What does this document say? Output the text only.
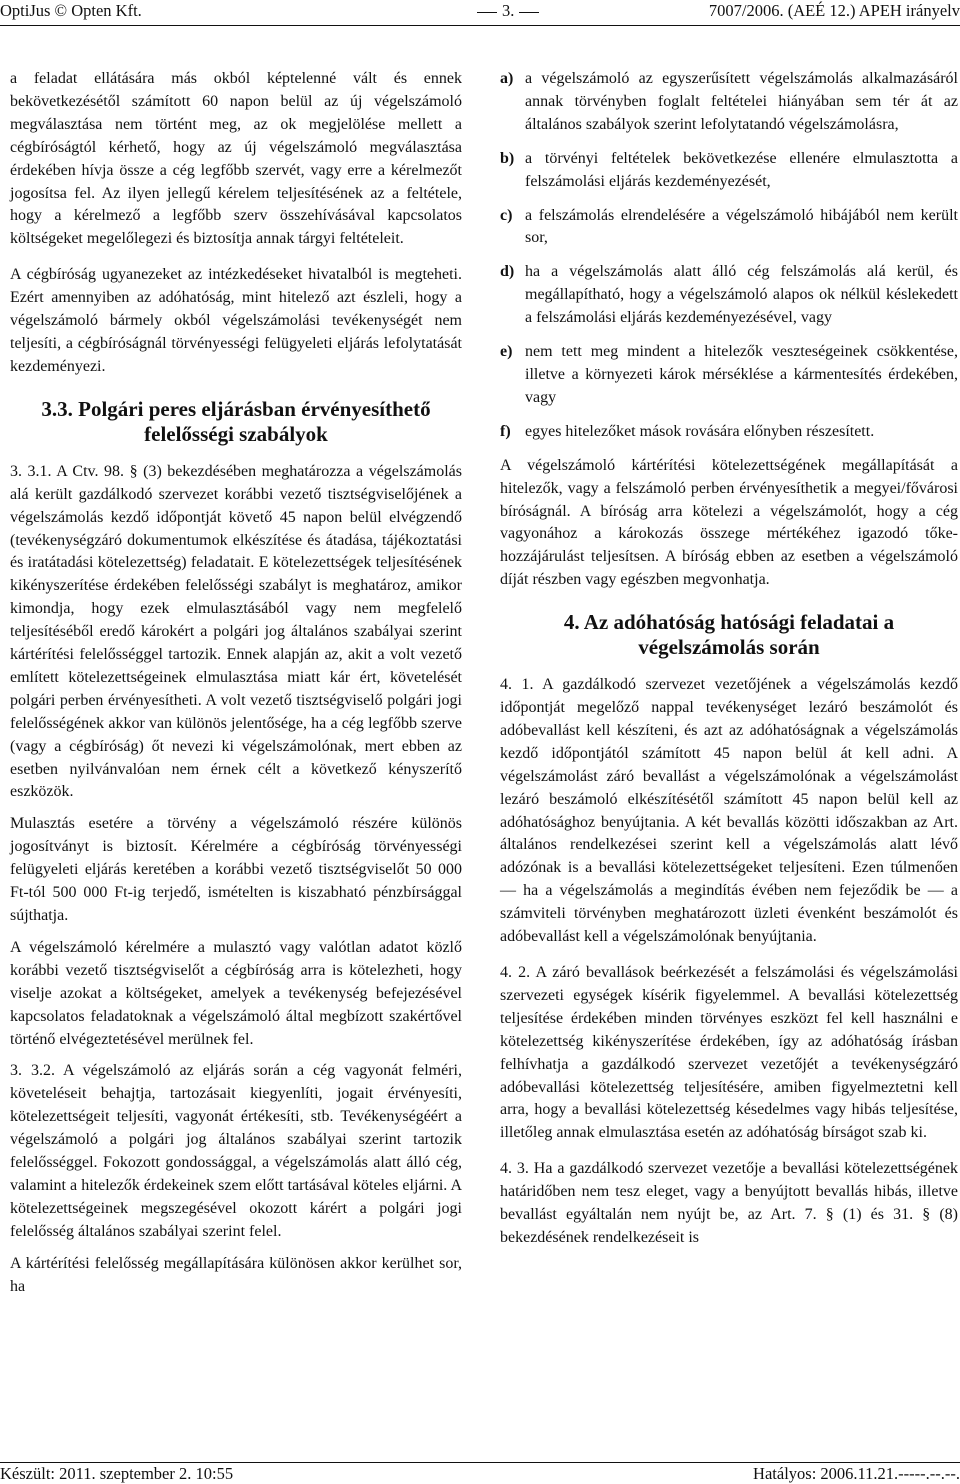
OptiJus © Opten Kft.	3.	7007/2006. (AEÉ 12.) APEH irányelv

a feladat ellátására más okból képtelenné vált és ennek bekövetkezésétől számított 60 napon belül az új végelszámoló megválasztása nem történt meg, az ok megjelölése mellett a cégbíróságtól kérhető, hogy az új végelszámoló megválasztása érdekében hívja össze a cég legfőbb szervét, vagy erre a kérelmezőt jogosítsa fel. Az ilyen jellegű kérelem teljesítésének az a feltétele, hogy a kérelmező a legfőbb szerv összehívásával kapcsolatos költségeket megelőlegezi és biztosítja annak tárgyi feltételeit.

A cégbíróság ugyanezeket az intézkedéseket hivatalból is megteheti. Ezért amennyiben az adóhatóság, mint hitelező azt észleli, hogy a végelszámoló bármely okból végelszámolási tevékenységét nem teljesíti, a cégbíróságnál törvényességi felügyeleti eljárás lefolytatását kezdeményezi.

3.3. Polgári peres eljárásban érvényesíthető
felelősségi szabályok

3. 3.1. A Ctv. 98. § (3) bekezdésében meghatározza a végelszámolás alá került gazdálkodó szervezet korábbi vezető tisztségviselőjének a végelszámolás kezdő időpontját követő 45 napon belül elvégzendő (tevékenységzáró dokumentumok elkészítése és átadása, tájékoztatási és iratátadási kötelezettség) feladatait. E kötelezettségek teljesítésének kikényszerítése érdekében felelősségi szabályt is meghatároz, amikor kimondja, hogy ezek elmulasztásából vagy nem megfelelő teljesítéséből eredő károkért a polgári jog általános szabályai szerint kártérítési felelősséggel tartozik. Ennek alapján az, akit a volt vezető említett kötelezettségeinek elmulasztása miatt kár ért, követelését polgári perben érvényesítheti. A volt vezető tisztségviselő polgári jogi felelősségének akkor van különös jelentősége, ha a cég legfőbb szerve (vagy a cégbíróság) őt nevezi ki végelszámolónak, mert ebben az esetben nyilvánvalóan nem érnek célt a következő kényszerítő eszközök.

Mulasztás esetére a törvény a végelszámoló részére különös jogosítványt is biztosít. Kérelmére a cégbíróság törvényességi felügyeleti eljárás keretében a korábbi vezető tisztségviselőt 50 000 Ft-tól 500 000 Ft-ig terjedő, ismételten is kiszabható pénzbírsággal sújthatja.

A végelszámoló kérelmére a mulasztó vagy valótlan adatot közlő korábbi vezető tisztségviselőt a cégbíróság arra is kötelezheti, hogy viselje azokat a költségeket, amelyek a tevékenység befejezésével kapcsolatos feladatoknak a végelszámoló által megbízott szakértővel történő elvégeztetésével merülnek fel.

3. 3.2. A végelszámoló az eljárás során a cég vagyonát felméri, követeléseit behajtja, tartozásait kiegyenlíti, jogait érvényesíti, kötelezettségeit teljesíti, vagyonát értékesíti, stb. Tevékenységéért a végelszámoló a polgári jog általános szabályai szerint tartozik felelősséggel. Fokozott gondossággal, a végelszámolás alatt álló cég, valamint a hitelezők érdekeinek szem előtt tartásával köteles eljárni. A kötelezettségeinek megszegésével okozott kárért a polgári jogi felelősség általános szabályai szerint felel.

A kártérítési felelősség megállapítására különösen akkor kerülhet sor, ha

a) a végelszámoló az egyszerűsített végelszámolás alkalmazásáról annak törvényben foglalt feltételei hiányában sem tér át az általános szabályok szerint lefolytatandó végelszámolásra,
b) a törvényi feltételek bekövetkezése ellenére elmulasztotta a felszámolási eljárás kezdeményezését,
c) a felszámolás elrendelésére a végelszámoló hibájából nem került sor,
d) ha a végelszámolás alatt álló cég felszámolás alá kerül, és megállapítható, hogy a végelszámoló alapos ok nélkül késlekedett a felszámolási eljárás kezdeményezésével, vagy
e) nem tett meg mindent a hitelezők veszteségeinek csökkentése, illetve a környezeti károk mérséklése a kármentesítés érdekében, vagy
f) egyes hitelezőket mások rovására előnyben részesített.

A végelszámoló kártérítési kötelezettségének megállapítását a hitelezők, vagy a felszámoló perben érvényesíthetik a megyei/fővárosi bíróságnál. A bíróság arra kötelezi a végelszámolót, hogy a cég vagyonához a károkozás összege mértékéhez igazodó tőke-hozzájárulást teljesítsen. A bíróság ebben az esetben a végelszámoló díját részben vagy egészben megvonhatja.

4. Az adóhatóság hatósági feladatai a
végelszámolás során

4. 1. A gazdálkodó szervezet vezetőjének a végelszámolás kezdő időpontját megelőző nappal tevékenységet lezáró beszámolót és adóbevallást kell készíteni, és azt az adóhatóságnak a végelszámolás kezdő időpontjától számított 45 napon belül át kell adni. A végelszámolást záró bevallást a végelszámolónak a végelszámolást lezáró beszámoló elkészítésétől számított 45 napon belül kell az adóhatósághoz benyújtania. A két bevallás közötti időszakban az Art. általános rendelkezései szerint kell a végelszámolás alatt lévő adózónak is a bevallási kötelezettségeket teljesíteni. Ezen túlmenően — ha a végelszámolás a megindítás évében nem fejeződik be — a számviteli törvényben meghatározott üzleti évenként beszámolót és adóbevallást kell a végelszámolónak benyújtania.

4. 2. A záró bevallások beérkezését a felszámolási és végelszámolási szervezeti egységek kísérik figyelemmel. A bevallási kötelezettség teljesítése érdekében minden törvényes eszközt fel kell használni e kötelezettség kikényszerítése érdekében, így az adóhatóság írásban felhívhatja a gazdálkodó szervezet vezetőjét a tevékenységzáró adóbevallási kötelezettség teljesítésére, amiben figyelmeztetni kell arra, hogy a bevallási kötelezettség késedelmes vagy hibás teljesítése, illetőleg annak elmulasztása esetén az adóhatóság bírságot szab ki.

4. 3. Ha a gazdálkodó szervezet vezetője a bevallási kötelezettségének határidőben nem tesz eleget, vagy a benyújtott bevallás hibás, illetve bevallást egyáltalán nem nyújt be, az Art. 7. § (1) és 31. § (8) bekezdésének rendelkezéseit is

Készült: 2011. szeptember 2. 10:55	Hatályos: 2006.11.21.-----.--.--.
